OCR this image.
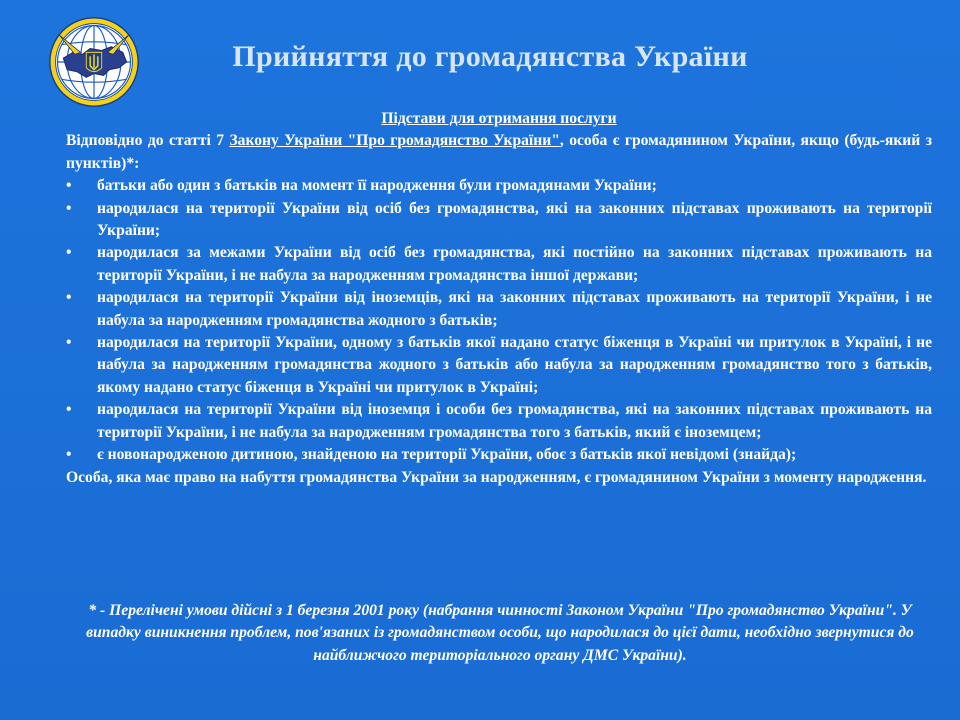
Прийняття до громадянства України

Підстави для отримання послуги

Відповідно до статті 7 Закону України "Про громадянство України", особа є громадянином України, якщо (будь-який з пунктів)*:

• батьки або один з батьків на момент її народження були громадянами України;
• народилася на території України від осіб без громадянства, які на законних підставах проживають на території України;
• народилася за межами України від осіб без громадянства, які постійно на законних підставах проживають на території України, і не набула за народженням громадянства іншої держави;
• народилася на території України від іноземців, які на законних підставах проживають на території України, і не набула за народженням громадянства жодного з батьків;
• народилася на території України, одному з батьків якої надано статус біженця в Україні чи притулок в Україні, і не набула за народженням громадянства жодного з батьків або набула за народженням громадянство того з батьків, якому надано статус біженця в Україні чи притулок в Україні;
• народилася на території України від іноземця і особи без громадянства, які на законних підставах проживають на території України, і не набула за народженням громадянства того з батьків, який є іноземцем;
• є новонародженою дитиною, знайденою на території України, обоє з батьків якої невідомі (знайда);

Особа, яка має право на набуття громадянства України за народженням, є громадянином України з моменту народження.

* - Перелічені умови дійсні з 1 березня 2001 року (набрання чинності Законом України "Про громадянство України". У випадку виникнення проблем, пов'язаних із громадянством особи, що народилася до цієї дати, необхідно звернутися до найближчого територіального органу ДМС України).
